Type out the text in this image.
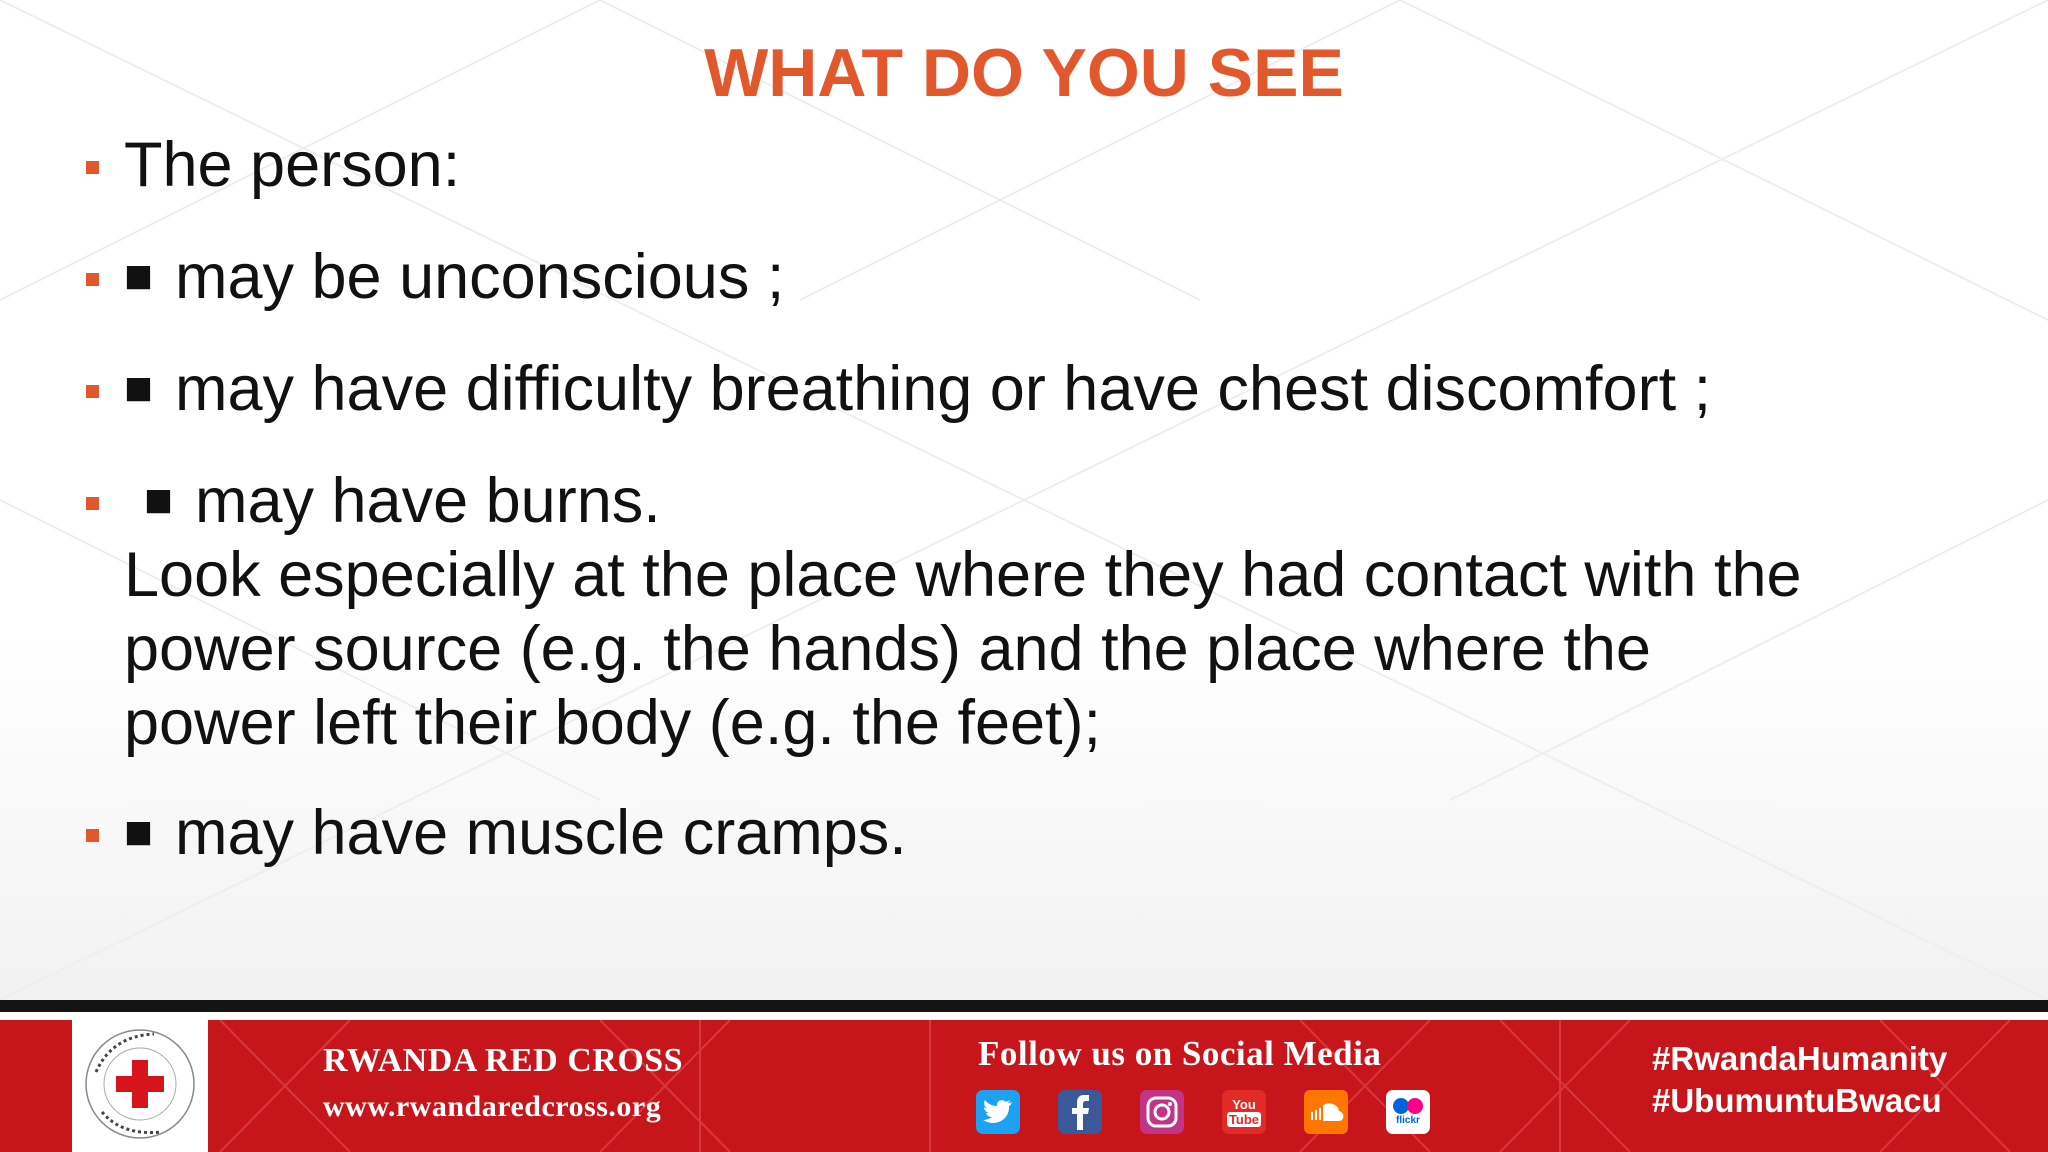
WHAT DO YOU SEE
The person:
■ may be unconscious ;
■ may have difficulty breathing or have chest discomfort ;
■ may have burns.
Look especially at the place where they had contact with the
power source (e.g. the hands) and the place where the
power left their body (e.g. the feet);
■ may have muscle cramps.
RWANDA RED CROSS
www.rwandaredcross.org
Follow us on Social Media
You
Tube	flickr
#RwandaHumanity
#UbumuntuBwacu
